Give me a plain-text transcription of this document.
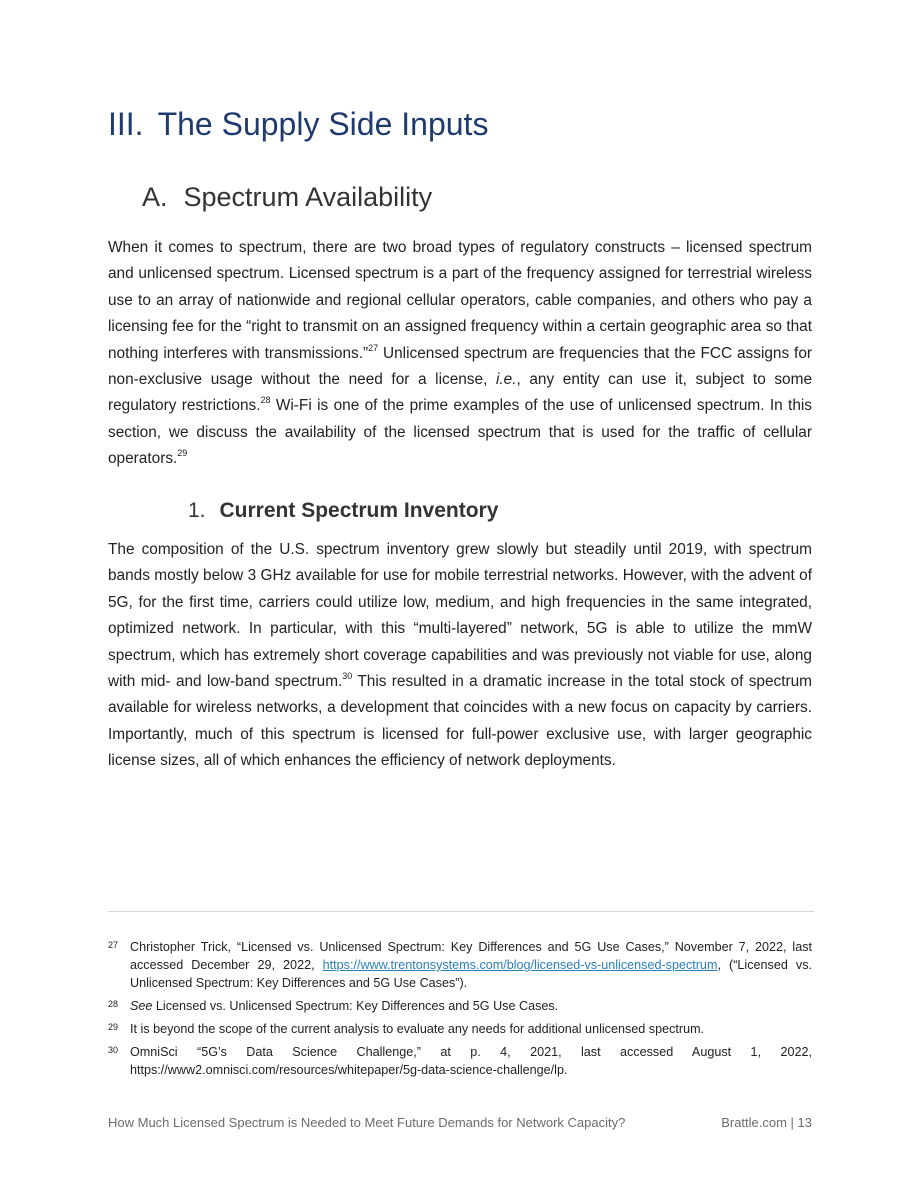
III. The Supply Side Inputs
A. Spectrum Availability

When it comes to spectrum, there are two broad types of regulatory constructs – licensed spectrum and unlicensed spectrum. Licensed spectrum is a part of the frequency assigned for terrestrial wireless use to an array of nationwide and regional cellular operators, cable companies, and others who pay a licensing fee for the “right to transmit on an assigned frequency within a certain geographic area so that nothing interferes with transmissions.”$^{27}$ Unlicensed spectrum are frequencies that the FCC assigns for non-exclusive usage without the need for a license, i.e., any entity can use it, subject to some regulatory restrictions.$^{28}$ Wi-Fi is one of the prime examples of the use of unlicensed spectrum. In this section, we discuss the availability of the licensed spectrum that is used for the traffic of cellular operators.$^{29}$

1. Current Spectrum Inventory

The composition of the U.S. spectrum inventory grew slowly but steadily until 2019, with spectrum bands mostly below 3 GHz available for use for mobile terrestrial networks. However, with the advent of 5G, for the first time, carriers could utilize low, medium, and high frequencies in the same integrated, optimized network. In particular, with this “multi-layered” network, 5G is able to utilize the mmW spectrum, which has extremely short coverage capabilities and was previously not viable for use, along with mid- and low-band spectrum.$^{30}$ This resulted in a dramatic increase in the total stock of spectrum available for wireless networks, a development that coincides with a new focus on capacity by carriers. Importantly, much of this spectrum is licensed for full-power exclusive use, with larger geographic license sizes, all of which enhances the efficiency of network deployments.

27 Christopher Trick, “Licensed vs. Unlicensed Spectrum: Key Differences and 5G Use Cases,” November 7, 2022, last accessed December 29, 2022, https://www.trentonsystems.com/blog/licensed-vs-unlicensed-spectrum, (“Licensed vs. Unlicensed Spectrum: Key Differences and 5G Use Cases”).
28 See Licensed vs. Unlicensed Spectrum: Key Differences and 5G Use Cases.
29 It is beyond the scope of the current analysis to evaluate any needs for additional unlicensed spectrum.
30 OmniSci “5G’s Data Science Challenge,” at p. 4, 2021, last accessed August 1, 2022, https://www2.omnisci.com/resources/whitepaper/5g-data-science-challenge/lp.
How Much Licensed Spectrum is Needed to Meet Future Demands for Network Capacity?	Brattle.com | 13
